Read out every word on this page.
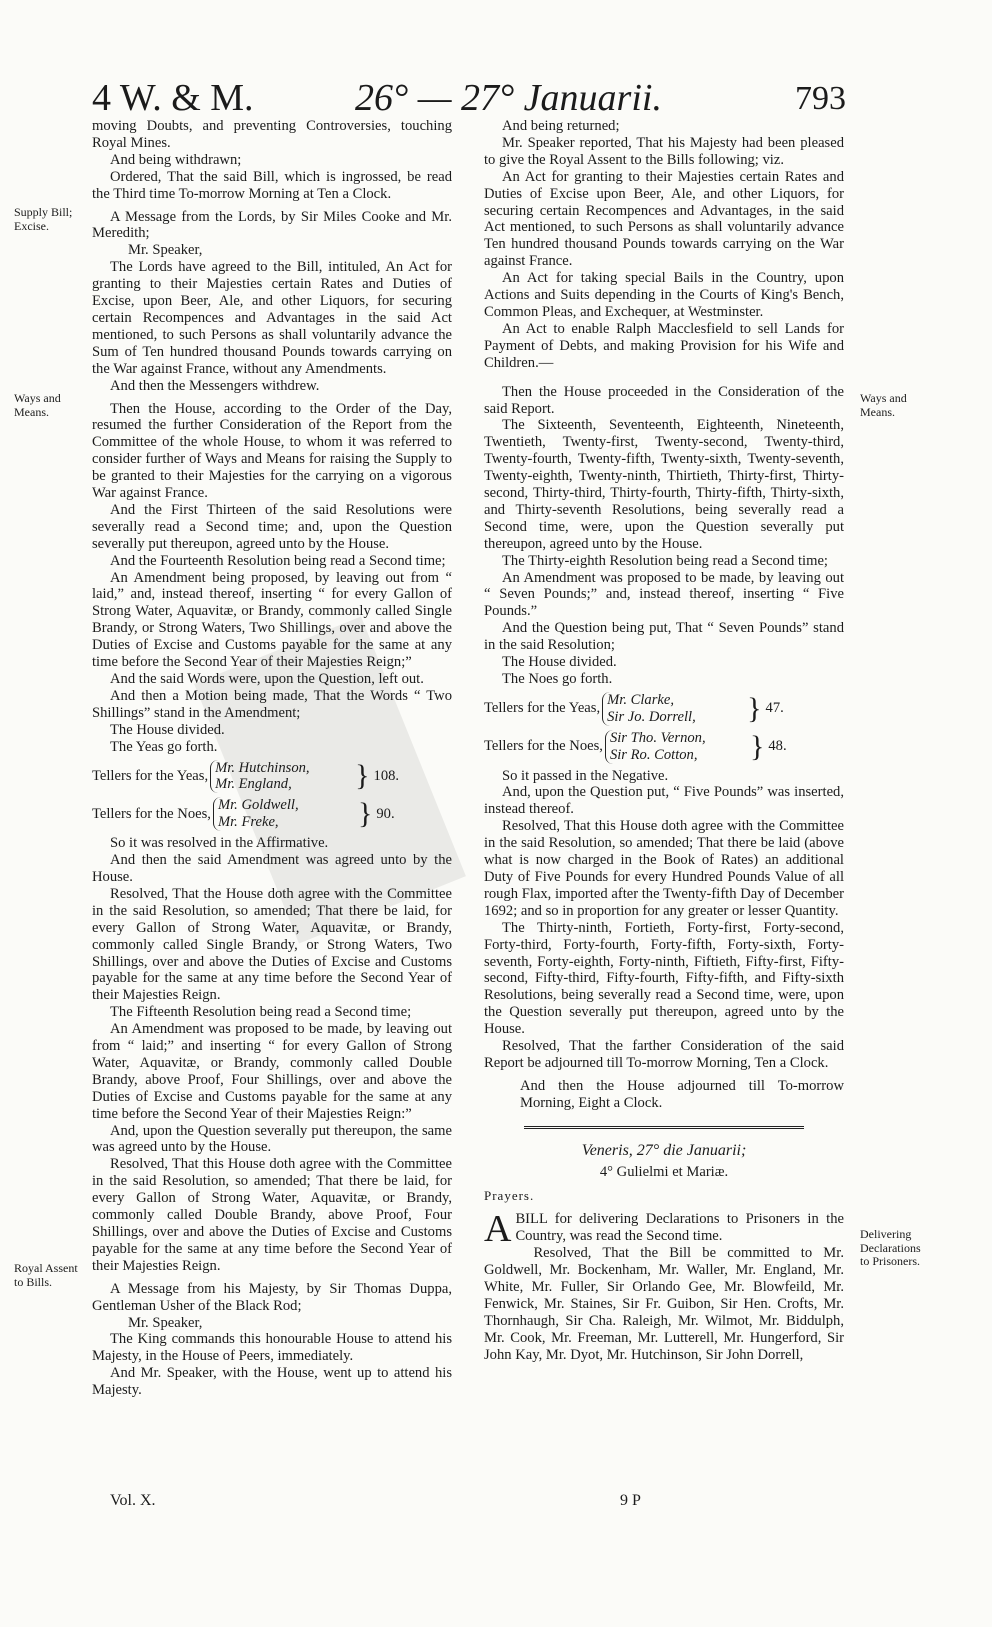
4 W. & M.	26° — 27° Januarii.	793
Supply Bill; Excise.
Ways and Means.
Royal Assent to Bills.
Ways and Means.
Delivering Declarations to Prisoners.

moving Doubts, and preventing Controversies, touching Royal Mines.

And being withdrawn;

Ordered, That the said Bill, which is ingrossed, be read the Third time To-morrow Morning at Ten a Clock.

A Message from the Lords, by Sir Miles Cooke and Mr. Meredith;

Mr. Speaker,

The Lords have agreed to the Bill, intituled, An Act for granting to their Majesties certain Rates and Duties of Excise, upon Beer, Ale, and other Liquors, for securing certain Recompences and Advantages in the said Act mentioned, to such Persons as shall voluntarily advance the Sum of Ten hundred thousand Pounds towards carrying on the War against France, without any Amendments.

And then the Messengers withdrew.

Then the House, according to the Order of the Day, resumed the further Consideration of the Report from the Committee of the whole House, to whom it was referred to consider further of Ways and Means for raising the Supply to be granted to their Majesties for the carrying on a vigorous War against France.

And the First Thirteen of the said Resolutions were severally read a Second time; and, upon the Question severally put thereupon, agreed unto by the House.

And the Fourteenth Resolution being read a Second time;

An Amendment being proposed, by leaving out from “ laid,” and, instead thereof, inserting “ for every Gallon of Strong Water, Aquavitæ, or Brandy, commonly called Single Brandy, or Strong Waters, Two Shillings, over and above the Duties of Excise and Customs payable for the same at any time before the Second Year of their Majesties Reign;”

And the said Words were, upon the Question, left out.

And then a Motion being made, That the Words “ Two Shillings” stand in the Amendment;

The House divided.

The Yeas go forth.

Tellers for the Yeas,
Mr. Hutchinson,
Mr. England,	} 108.
Tellers for the Noes,
Mr. Goldwell,
Mr. Freke,	} 90.

So it was resolved in the Affirmative.

And then the said Amendment was agreed unto by the House.

Resolved, That the House doth agree with the Committee in the said Resolution, so amended; That there be laid, for every Gallon of Strong Water, Aquavitæ, or Brandy, commonly called Single Brandy, or Strong Waters, Two Shillings, over and above the Duties of Excise and Customs payable for the same at any time before the Second Year of their Majesties Reign.

The Fifteenth Resolution being read a Second time;

An Amendment was proposed to be made, by leaving out from “ laid;” and inserting “ for every Gallon of Strong Water, Aquavitæ, or Brandy, commonly called Double Brandy, above Proof, Four Shillings, over and above the Duties of Excise and Customs payable for the same at any time before the Second Year of their Majesties Reign:”

And, upon the Question severally put thereupon, the same was agreed unto by the House.

Resolved, That this House doth agree with the Committee in the said Resolution, so amended; That there be laid, for every Gallon of Strong Water, Aquavitæ, or Brandy, commonly called Double Brandy, above Proof, Four Shillings, over and above the Duties of Excise and Customs payable for the same at any time before the Second Year of their Majesties Reign.

A Message from his Majesty, by Sir Thomas Duppa, Gentleman Usher of the Black Rod;

Mr. Speaker,

The King commands this honourable House to attend his Majesty, in the House of Peers, immediately.

And Mr. Speaker, with the House, went up to attend his Majesty.

And being returned;

Mr. Speaker reported, That his Majesty had been pleased to give the Royal Assent to the Bills following; viz.

An Act for granting to their Majesties certain Rates and Duties of Excise upon Beer, Ale, and other Liquors, for securing certain Recompences and Advantages, in the said Act mentioned, to such Persons as shall voluntarily advance Ten hundred thousand Pounds towards carrying on the War against France.

An Act for taking special Bails in the Country, upon Actions and Suits depending in the Courts of King's Bench, Common Pleas, and Exchequer, at Westminster.

An Act to enable Ralph Macclesfield to sell Lands for Payment of Debts, and making Provision for his Wife and Children.—

Then the House proceeded in the Consideration of the said Report.

The Sixteenth, Seventeenth, Eighteenth, Nineteenth, Twentieth, Twenty-first, Twenty-second, Twenty-third, Twenty-fourth, Twenty-fifth, Twenty-sixth, Twenty-seventh, Twenty-eighth, Twenty-ninth, Thirtieth, Thirty-first, Thirty-second, Thirty-third, Thirty-fourth, Thirty-fifth, Thirty-sixth, and Thirty-seventh Resolutions, being severally read a Second time, were, upon the Question severally put thereupon, agreed unto by the House.

The Thirty-eighth Resolution being read a Second time;

An Amendment was proposed to be made, by leaving out “ Seven Pounds;” and, instead thereof, inserting “ Five Pounds.”

And the Question being put, That “ Seven Pounds” stand in the said Resolution;

The House divided.

The Noes go forth.

Tellers for the Yeas,
Mr. Clarke,
Sir Jo. Dorrell,	} 47.
Tellers for the Noes,
Sir Tho. Vernon,
Sir Ro. Cotton,	} 48.

So it passed in the Negative.

And, upon the Question put, “ Five Pounds” was inserted, instead thereof.

Resolved, That this House doth agree with the Committee in the said Resolution, so amended; That there be laid (above what is now charged in the Book of Rates) an additional Duty of Five Pounds for every Hundred Pounds Value of all rough Flax, imported after the Twenty-fifth Day of December 1692; and so in proportion for any greater or lesser Quantity.

The Thirty-ninth, Fortieth, Forty-first, Forty-second, Forty-third, Forty-fourth, Forty-fifth, Forty-sixth, Forty-seventh, Forty-eighth, Forty-ninth, Fiftieth, Fifty-first, Fifty-second, Fifty-third, Fifty-fourth, Fifty-fifth, and Fifty-sixth Resolutions, being severally read a Second time, were, upon the Question severally put thereupon, agreed unto by the House.

Resolved, That the farther Consideration of the said Report be adjourned till To-morrow Morning, Ten a Clock.

And then the House adjourned till To-morrow Morning, Eight a Clock.

Veneris, 27° die Januarii;
4° Gulielmi et Mariæ.

Prayers.

ABILL for delivering Declarations to Prisoners in the Country, was read the Second time.

Resolved, That the Bill be committed to Mr. Goldwell, Mr. Bockenham, Mr. Waller, Mr. England, Mr. White, Mr. Fuller, Sir Orlando Gee, Mr. Blowfeild, Mr. Fenwick, Mr. Staines, Sir Fr. Guibon, Sir Hen. Crofts, Mr. Thornhaugh, Sir Cha. Raleigh, Mr. Wilmot, Mr. Biddulph, Mr. Cook, Mr. Freeman, Mr. Lutterell, Mr. Hungerford, Sir John Kay, Mr. Dyot, Mr. Hutchinson, Sir John Dorrell,

Vol. X.	9 P
